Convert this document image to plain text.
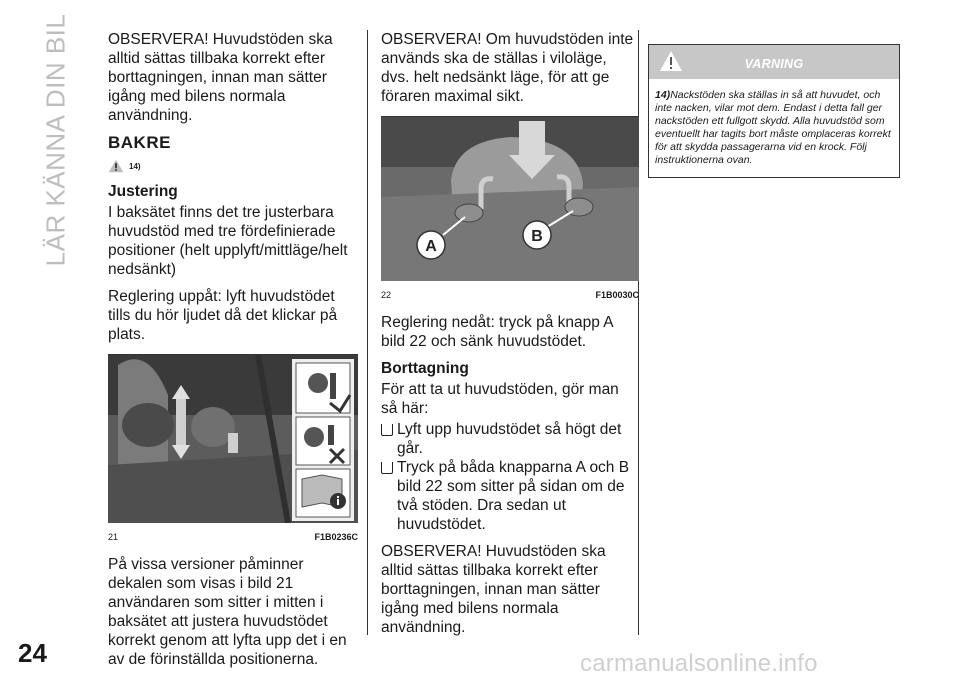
LÄR KÄNNA DIN BIL
24	carmanualsonline.info

OBSERVERA! Huvudstöden ska alltid sättas tillbaka korrekt efter borttagningen, innan man sätter igång med bilens normala användning.

BAKRE
14)
Justering

I baksätet finns det tre justerbara huvudstöd med tre fördefinierade positioner (helt upplyft/mittläge/helt nedsänkt)

Reglering uppåt: lyft huvudstödet tills du hör ljudet då det klickar på plats.

21	F1B0236C

På vissa versioner påminner dekalen som visas i bild 21 användaren som sitter i mitten i baksätet att justera huvudstödet korrekt genom att lyfta upp det i en av de förinställda positionerna.

OBSERVERA! Om huvudstöden inte används ska de ställas i viloläge, dvs. helt nedsänkt läge, för att ge föraren maximal sikt.

A
B
22	F1B0030C

Reglering nedåt: tryck på knapp A bild 22 och sänk huvudstödet.

Borttagning

För att ta ut huvudstöden, gör man så här:

Lyft upp huvudstödet så högt det går.
Tryck på båda knapparna A och B bild 22 som sitter på sidan om de två stöden. Dra sedan ut huvudstödet.

OBSERVERA! Huvudstöden ska alltid sättas tillbaka korrekt efter borttagningen, innan man sätter igång med bilens normala användning.

VARNING
14)Nackstöden ska ställas in så att huvudet, och inte nacken, vilar mot dem. Endast i detta fall ger nackstöden ett fullgott skydd. Alla huvudstöd som eventuellt har tagits bort måste omplaceras korrekt för att skydda passagerarna vid en krock. Följ instruktionerna ovan.
